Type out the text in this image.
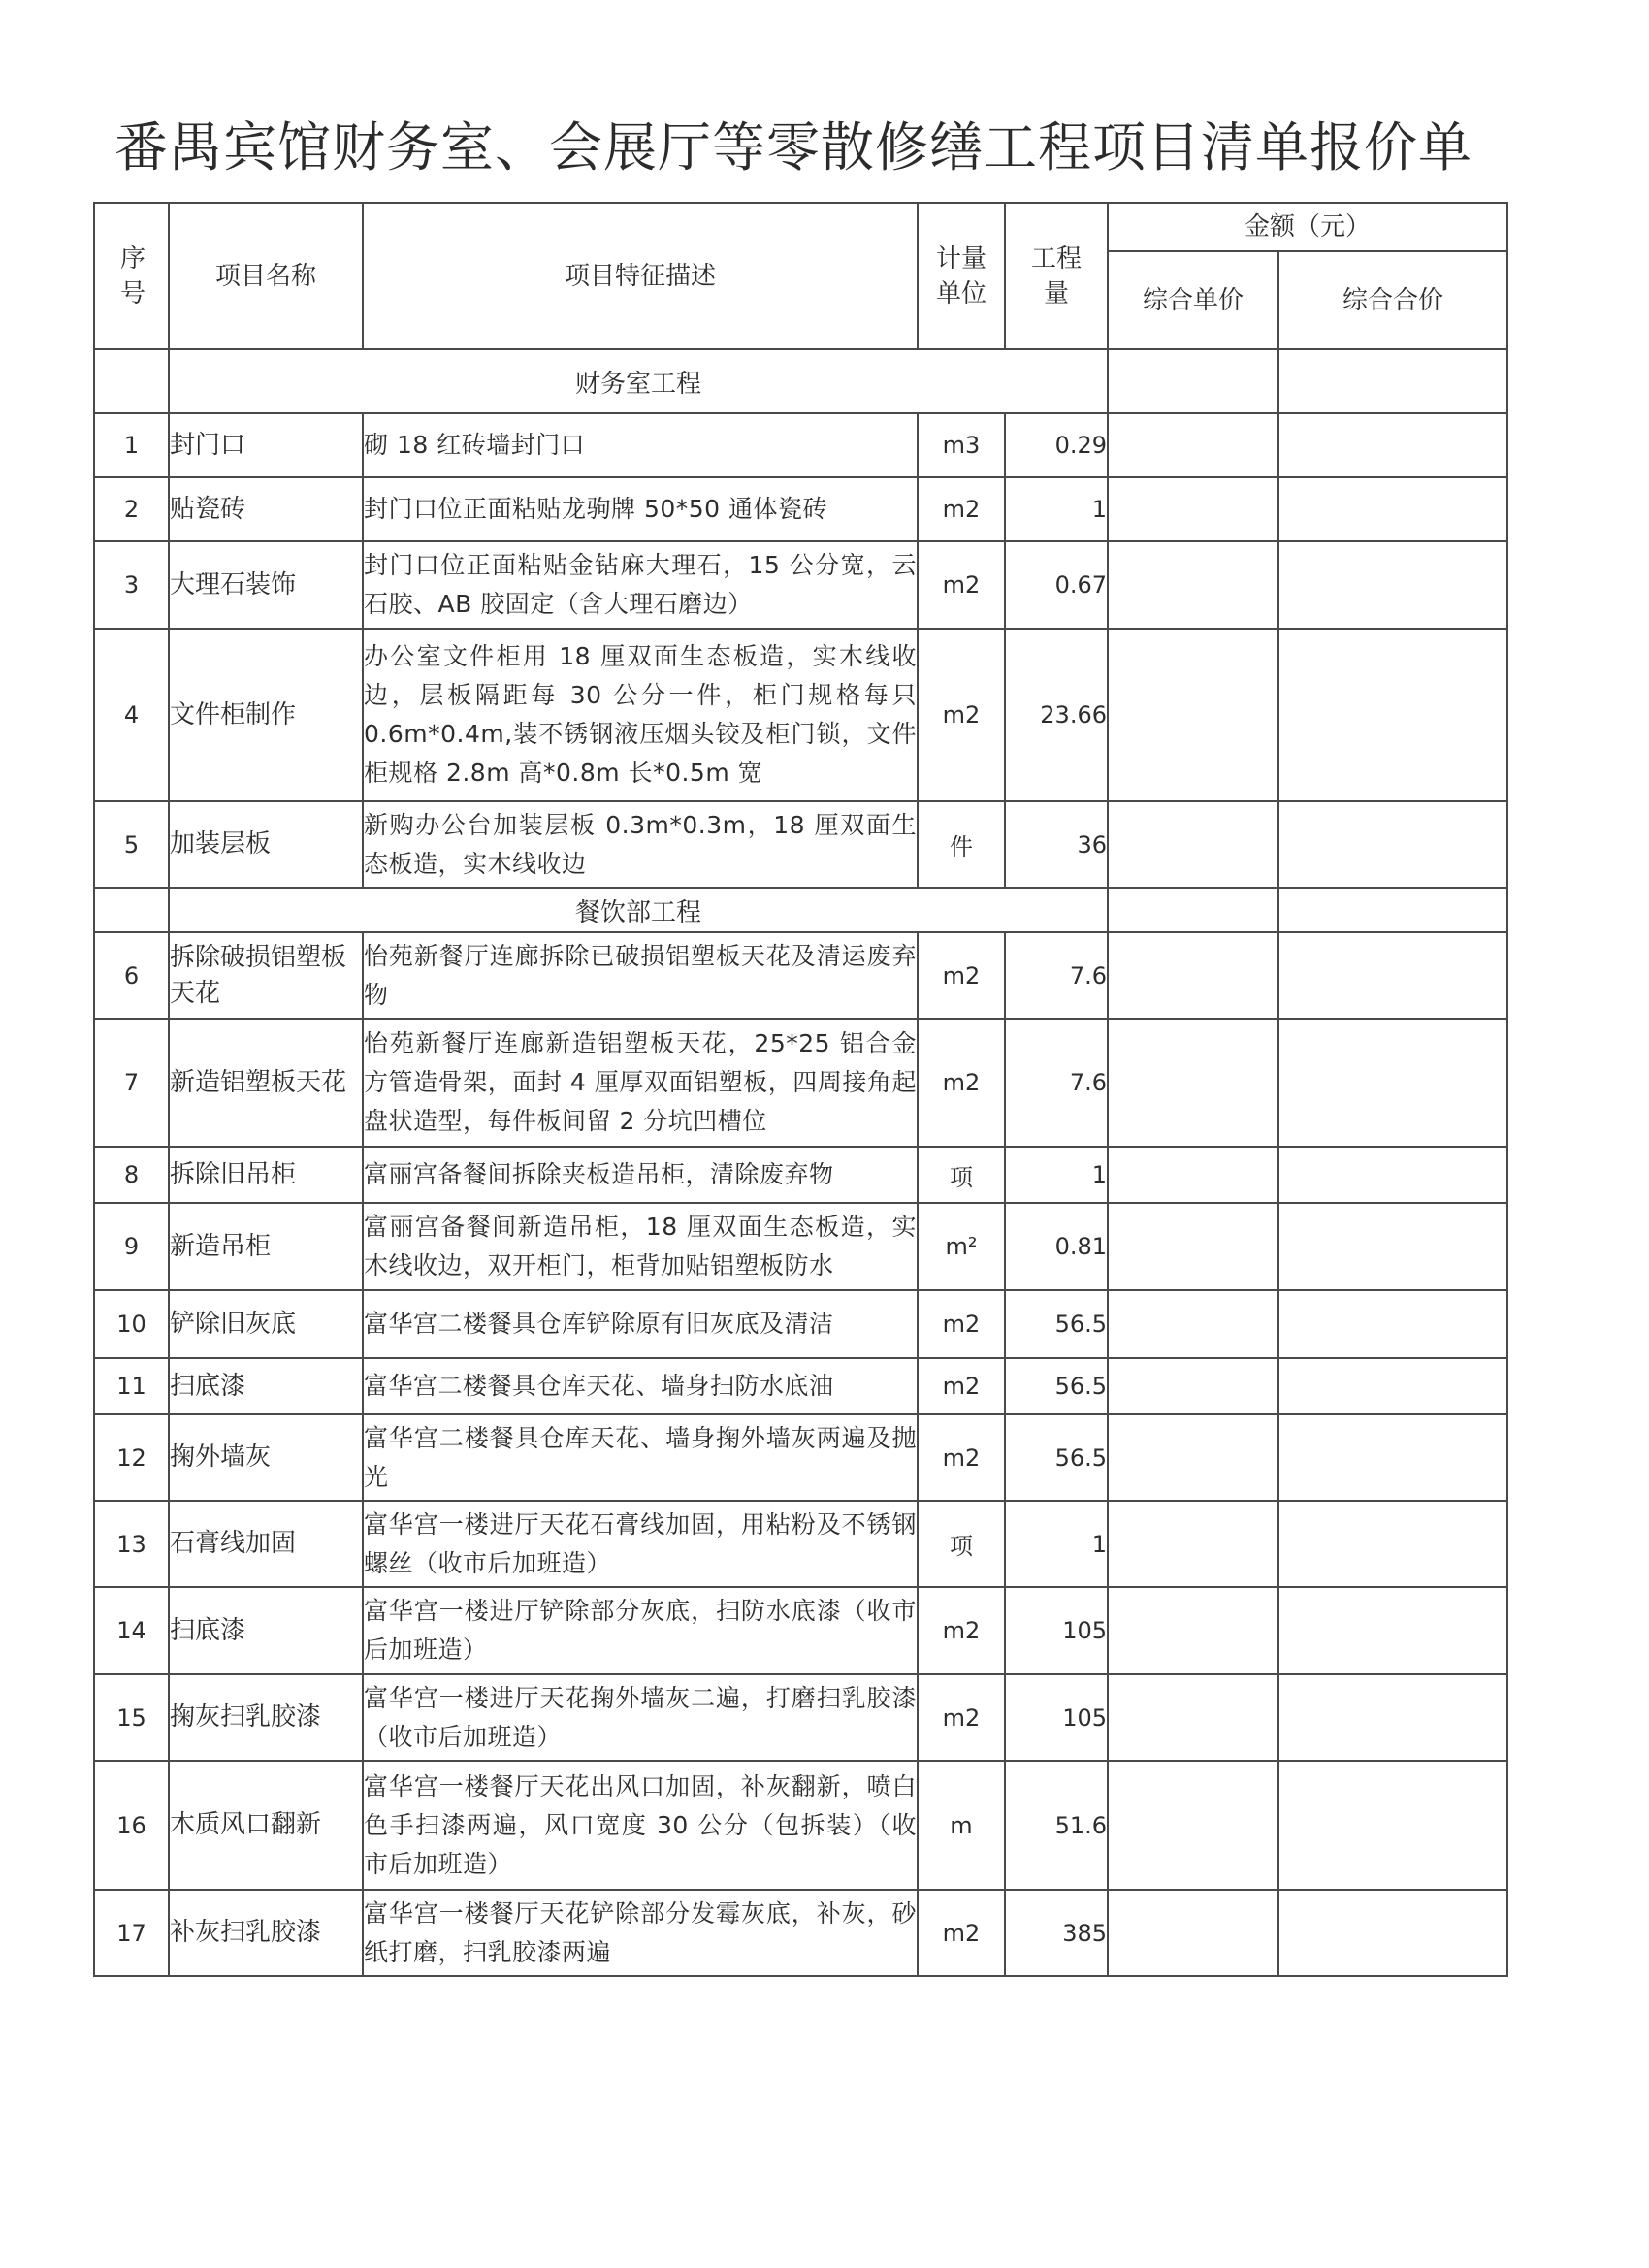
番禺宾馆财务室、会展厅等零散修缮工程项目清单报价单
序号	项目名称	项目特征描述	计量单位	工程量	金额（元）	
					综合单价	综合合价
	财务室工程					
1	封门口	砌 18 红砖墙封门口	m3	0.29		
2	贴瓷砖	封门口位正面粘贴龙驹牌 50*50 通体瓷砖	m2	1		
3	大理石装饰	封门口位正面粘贴金钻麻大理石，15 公分宽，云石胶、AB 胶固定（含大理石磨边）	m2	0.67		
4	文件柜制作	办公室文件柜用 18 厘双面生态板造，实木线收边，层板隔距每 30 公分一件，柜门规格每只 0.6m*0.4m,装不锈钢液压烟头铰及柜门锁，文件柜规格 2.8m 高*0.8m 长*0.5m 宽	m2	23.66		
5	加装层板	新购办公台加装层板 0.3m*0.3m，18 厘双面生态板造，实木线收边	件	36		
	餐饮部工程					
6	拆除破损铝塑板天花	怡苑新餐厅连廊拆除已破损铝塑板天花及清运废弃物	m2	7.6		
7	新造铝塑板天花	怡苑新餐厅连廊新造铝塑板天花，25*25 铝合金方管造骨架，面封 4 厘厚双面铝塑板，四周接角起盘状造型，每件板间留 2 分坑凹槽位	m2	7.6		
8	拆除旧吊柜	富丽宫备餐间拆除夹板造吊柜，清除废弃物	项	1		
9	新造吊柜	富丽宫备餐间新造吊柜，18 厘双面生态板造，实木线收边，双开柜门，柜背加贴铝塑板防水	m²	0.81		
10	铲除旧灰底	富华宫二楼餐具仓库铲除原有旧灰底及清洁	m2	56.5		
11	扫底漆	富华宫二楼餐具仓库天花、墙身扫防水底油	m2	56.5		
12	掬外墙灰	富华宫二楼餐具仓库天花、墙身掬外墙灰两遍及抛光	m2	56.5		
13	石膏线加固	富华宫一楼进厅天花石膏线加固，用粘粉及不锈钢螺丝（收市后加班造）	项	1		
14	扫底漆	富华宫一楼进厅铲除部分灰底，扫防水底漆（收市后加班造）	m2	105		
15	掬灰扫乳胶漆	富华宫一楼进厅天花掬外墙灰二遍，打磨扫乳胶漆（收市后加班造）	m2	105		
16	木质风口翻新	富华宫一楼餐厅天花出风口加固，补灰翻新，喷白色手扫漆两遍，风口宽度 30 公分（包拆装）（收市后加班造）	m	51.6		
17	补灰扫乳胶漆	富华宫一楼餐厅天花铲除部分发霉灰底，补灰，砂纸打磨，扫乳胶漆两遍	m2	385		
